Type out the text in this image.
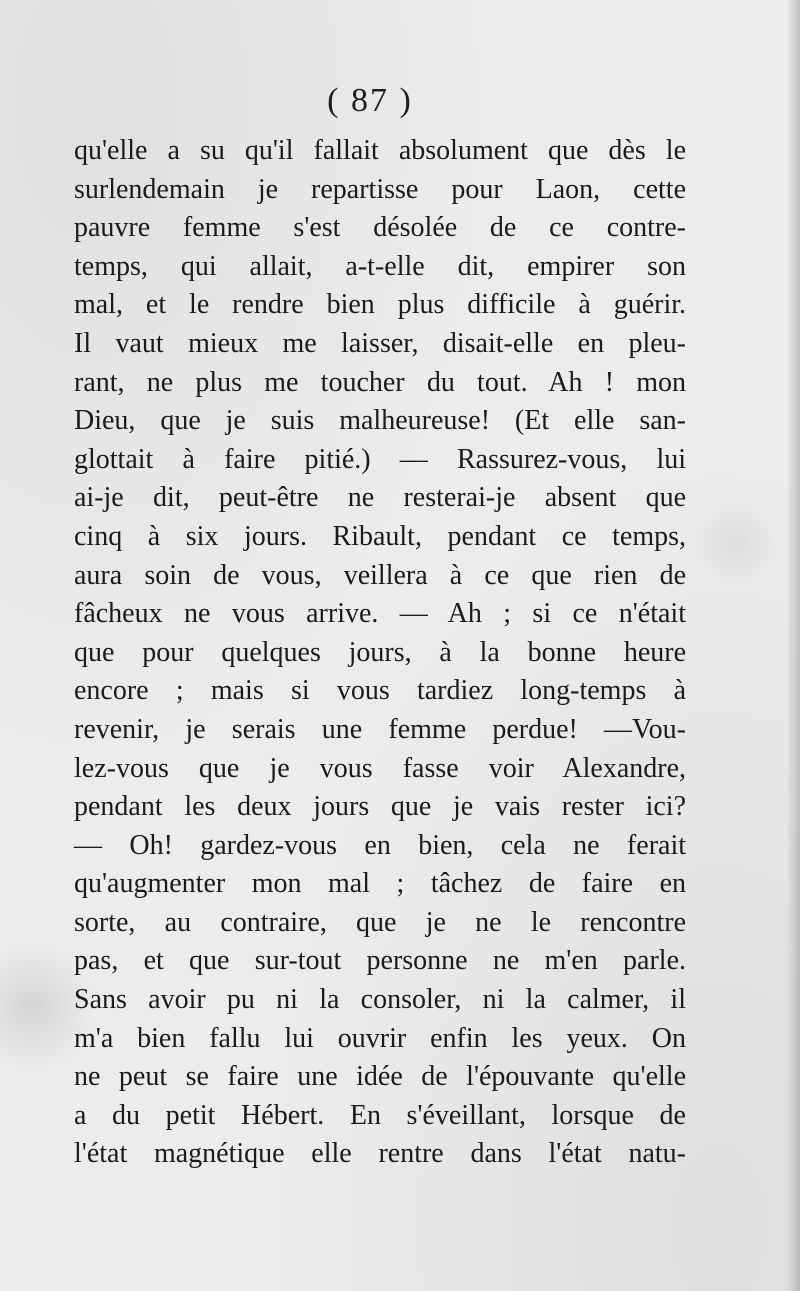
( 87 )
qu'elle a su qu'il fallait absolument que dès le
surlendemain je repartisse pour Laon, cette
pauvre femme s'est désolée de ce contre-
temps, qui allait, a-t-elle dit, empirer son
mal, et le rendre bien plus difficile à guérir.
Il vaut mieux me laisser, disait-elle en pleu-
rant, ne plus me toucher du tout. Ah ! mon
Dieu, que je suis malheureuse! (Et elle san-
glottait à faire pitié.) — Rassurez-vous, lui
ai-je dit, peut-être ne resterai-je absent que
cinq à six jours. Ribault, pendant ce temps,
aura soin de vous, veillera à ce que rien de
fâcheux ne vous arrive. — Ah ; si ce n'était
que pour quelques jours, à la bonne heure
encore ; mais si vous tardiez long-temps à
revenir, je serais une femme perdue! —Vou-
lez-vous que je vous fasse voir Alexandre,
pendant les deux jours que je vais rester ici?
— Oh! gardez-vous en bien, cela ne ferait
qu'augmenter mon mal ; tâchez de faire en
sorte, au contraire, que je ne le rencontre
pas, et que sur-tout personne ne m'en parle.
Sans avoir pu ni la consoler, ni la calmer, il
m'a bien fallu lui ouvrir enfin les yeux. On
ne peut se faire une idée de l'épouvante qu'elle
a du petit Hébert. En s'éveillant, lorsque de
l'état magnétique elle rentre dans l'état natu-
